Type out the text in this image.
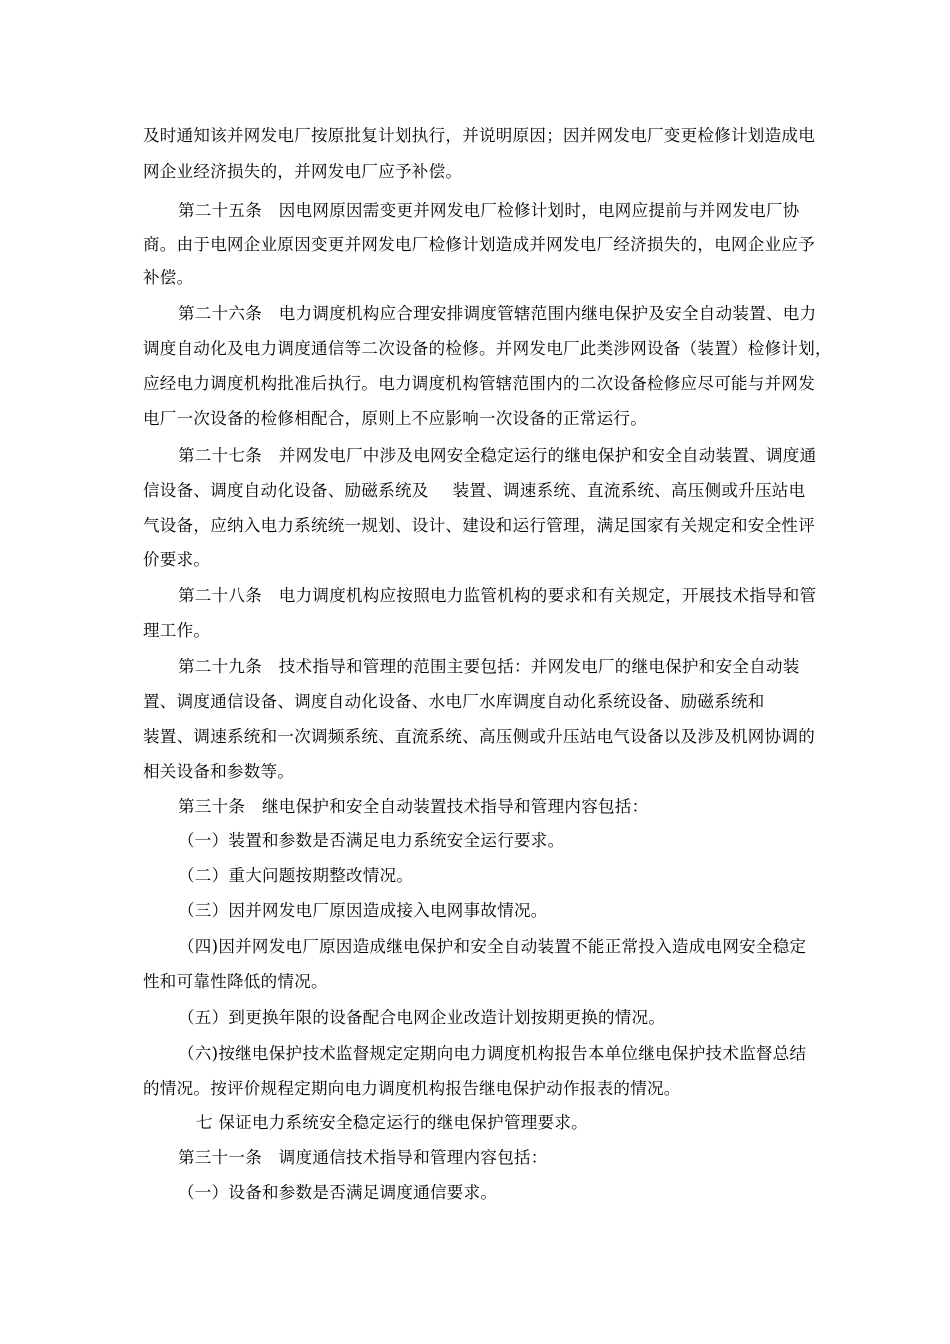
及时通知该并网发电厂按原批复计划执行，并说明原因；因并网发电厂变更检修计划造成电
网企业经济损失的，并网发电厂应予补偿。
第二十五条　因电网原因需变更并网发电厂检修计划时，电网应提前与并网发电厂协
商。由于电网企业原因变更并网发电厂检修计划造成并网发电厂经济损失的，电网企业应予
补偿。
第二十六条　电力调度机构应合理安排调度管辖范围内继电保护及安全自动装置、电力
调度自动化及电力调度通信等二次设备的检修。并网发电厂此类涉网设备（装置）检修计划，
应经电力调度机构批准后执行。电力调度机构管辖范围内的二次设备检修应尽可能与并网发
电厂一次设备的检修相配合，原则上不应影响一次设备的正常运行。
第二十七条　并网发电厂中涉及电网安全稳定运行的继电保护和安全自动装置、调度通
信设备、调度自动化设备、励磁系统及 装置、调速系统、直流系统、高压侧或升压站电
气设备，应纳入电力系统统一规划、设计、建设和运行管理，满足国家有关规定和安全性评
价要求。
第二十八条　电力调度机构应按照电力监管机构的要求和有关规定，开展技术指导和管
理工作。
第二十九条　技术指导和管理的范围主要包括：并网发电厂的继电保护和安全自动装
置、调度通信设备、调度自动化设备、水电厂水库调度自动化系统设备、励磁系统和
装置、调速系统和一次调频系统、直流系统、高压侧或升压站电气设备以及涉及机网协调的
相关设备和参数等。
第三十条　继电保护和安全自动装置技术指导和管理内容包括：
（一）装置和参数是否满足电力系统安全运行要求。
（二）重大问题按期整改情况。
（三）因并网发电厂原因造成接入电网事故情况。
（四)因并网发电厂原因造成继电保护和安全自动装置不能正常投入造成电网安全稳定
性和可靠性降低的情况。
（五）到更换年限的设备配合电网企业改造计划按期更换的情况。
（六)按继电保护技术监督规定定期向电力调度机构报告本单位继电保护技术监督总结
的情况。按评价规程定期向电力调度机构报告继电保护动作报表的情况。
七 保证电力系统安全稳定运行的继电保护管理要求。
第三十一条　调度通信技术指导和管理内容包括：
（一）设备和参数是否满足调度通信要求。
